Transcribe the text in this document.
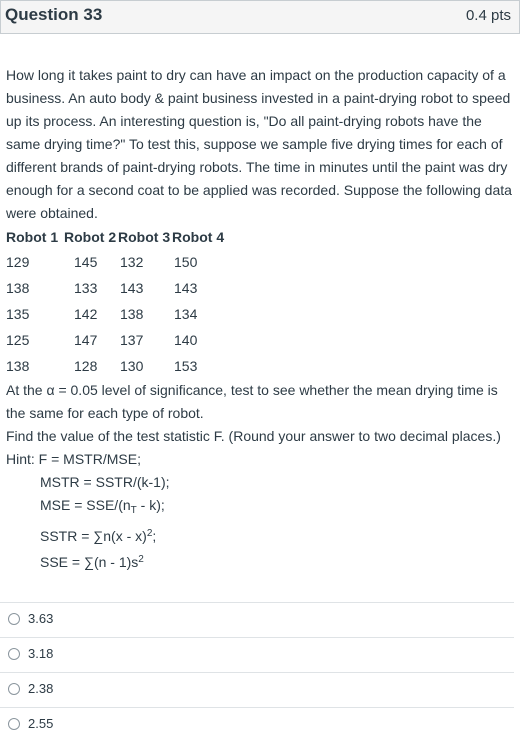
Question 33	0.4 pts

How long it takes paint to dry can have an impact on the production capacity of a business. An auto body & paint business invested in a paint-drying robot to speed up its process. An interesting question is, "Do all paint-drying robots have the same drying time?" To test this, suppose we sample five drying times for each of different brands of paint-drying robots. The time in minutes until the paint was dry enough for a second coat to be applied was recorded. Suppose the following data were obtained.

Robot 1	Robot 2	Robot 3	Robot 4
129	145	132	150
138	133	143	143
135	142	138	134
125	147	137	140
138	128	130	153

At the α = 0.05 level of significance, test to see whether the mean drying time is the same for each type of robot.

Find the value of the test statistic F. (Round your answer to two decimal places.)

Hint: F = MSTR/MSE;

MSTR = SSTR/(k-1);

MSE = SSE/$(n_T - k)$;

SSTR = ∑n(x - x)$^2$;

SSE = $\sum(n - 1)s^2$

3.63
3.18
2.38
2.55
